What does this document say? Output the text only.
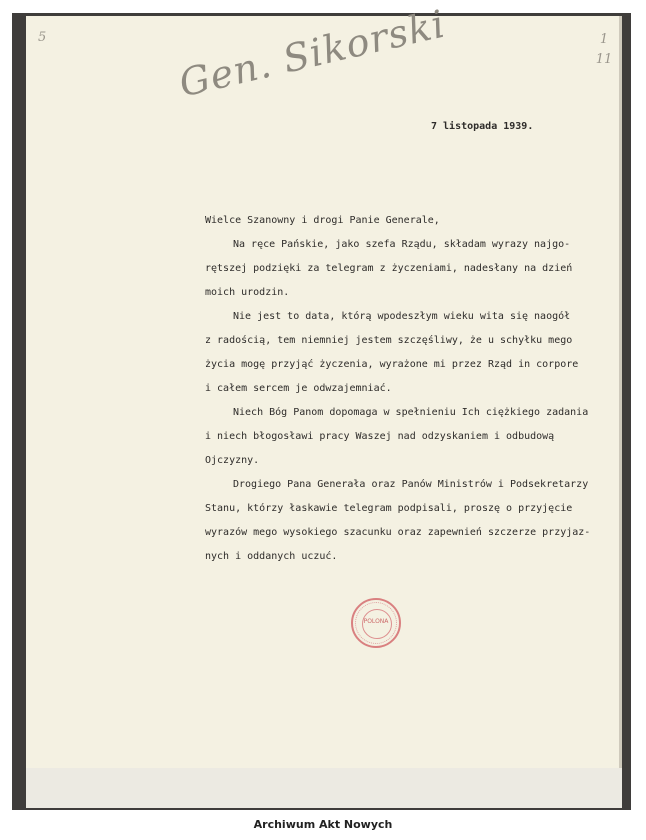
5	1
11
Gen. Sikorski
7 listopada 1939.
Wielce Szanowny i drogi Panie Generale,
Na ręce Pańskie, jako szefa Rządu, składam wyrazy najgo-
rętszej podzięki za telegram z życzeniami, nadesłany na dzień
moich urodzin.
Nie jest to data, którą wpodeszłym wieku wita się naogół
z radością, tem niemniej jestem szczęśliwy, że u schyłku mego
życia mogę przyjąć życzenia, wyrażone mi przez Rząd in corpore
i całem sercem je odwzajemniać.
Niech Bóg Panom dopomaga w spełnieniu Ich ciężkiego zadania
i niech błogosławi pracy Waszej nad odzyskaniem i odbudową
Ojczyzny.
Drogiego Pana Generała oraz Panów Ministrów i Podsekretarzy
Stanu, którzy łaskawie telegram podpisali, proszę o przyjęcie
wyrazów mego wysokiego szacunku oraz zapewnień szczerze przyjaz-
nych i oddanych uczuć.
POLONA
Archiwum Akt Nowych
